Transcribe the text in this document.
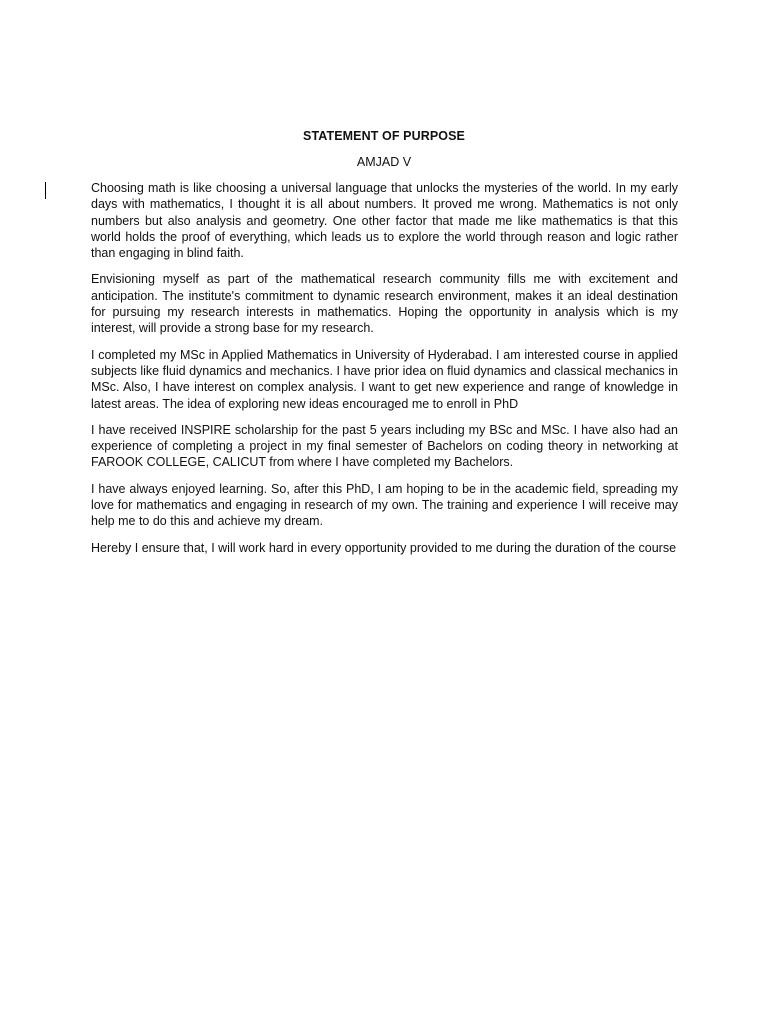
STATEMENT OF PURPOSE
AMJAD V

Choosing math is like choosing a universal language that unlocks the mysteries of the world. In my early days with mathematics, I thought it is all about numbers. It proved me wrong. Mathematics is not only numbers but also analysis and geometry. One other factor that made me like mathematics is that this world holds the proof of everything, which leads us to explore the world through reason and logic rather than engaging in blind faith.

Envisioning myself as part of the mathematical research community fills me with excitement and anticipation. The institute's commitment to dynamic research environment, makes it an ideal destination for pursuing my research interests in mathematics. Hoping the opportunity in analysis which is my interest, will provide a strong base for my research.

I completed my MSc in Applied Mathematics in University of Hyderabad. I am interested course in applied subjects like fluid dynamics and mechanics. I have prior idea on fluid dynamics and classical mechanics in MSc. Also, I have interest on complex analysis. I want to get new experience and range of knowledge in latest areas. The idea of exploring new ideas encouraged me to enroll in PhD

I have received INSPIRE scholarship for the past 5 years including my BSc and MSc. I have also had an experience of completing a project in my final semester of Bachelors on coding theory in networking at FAROOK COLLEGE, CALICUT from where I have completed my Bachelors.

I have always enjoyed learning. So, after this PhD, I am hoping to be in the academic field, spreading my love for mathematics and engaging in research of my own. The training and experience I will receive may help me to do this and achieve my dream.

Hereby I ensure that, I will work hard in every opportunity provided to me during the duration of the course
